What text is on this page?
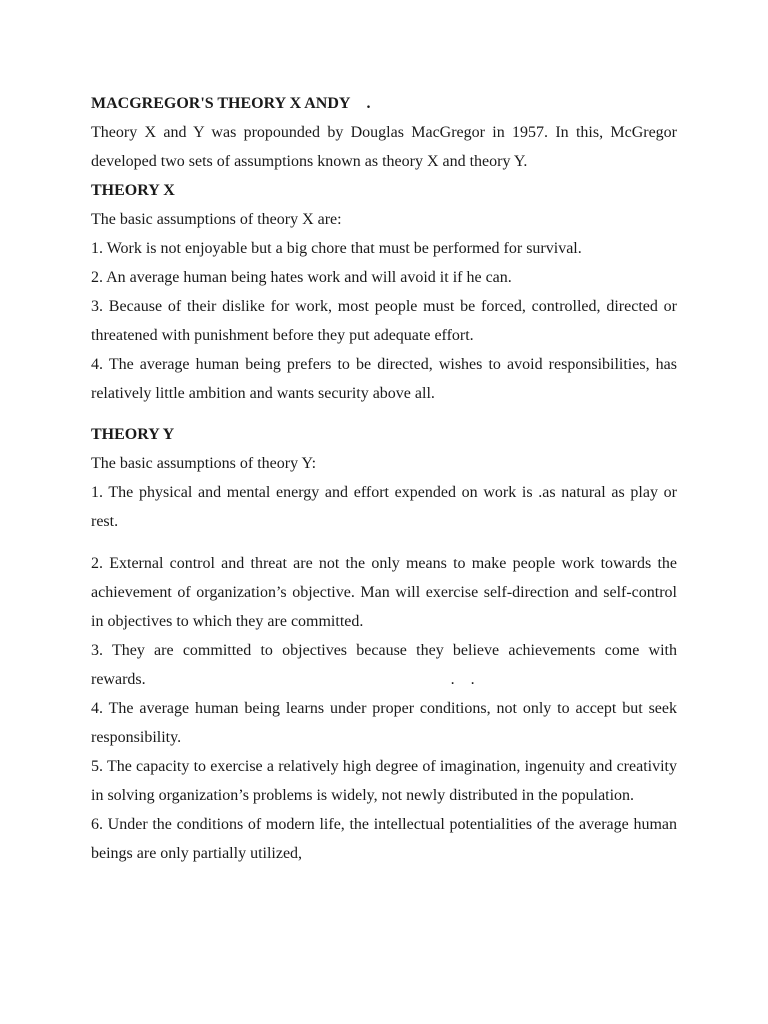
MACGREGOR'S THEORY X ANDY .

Theory X and Y was propounded by Douglas MacGregor in 1957. In this, McGregor developed two sets of assumptions known as theory X and theory Y.

THEORY X

The basic assumptions of theory X are:

1. Work is not enjoyable but a big chore that must be performed for survival.

2. An average human being hates work and will avoid it if he can.

3. Because of their dislike for work, most people must be forced, controlled, directed or threatened with punishment before they put adequate effort.

4. The average human being prefers to be directed, wishes to avoid responsibilities, has relatively little ambition and wants security above all.

THEORY Y

The basic assumptions of theory Y:

1. The physical and mental energy and effort expended on work is .as natural as play or rest.

2. External control and threat are not the only means to make people work towards the achievement of organization’s objective. Man will exercise self-direction and self-control in objectives to which they are committed.

3. They are committed to objectives because they believe achievements come with rewards.	.    .

4. The average human being learns under proper conditions, not only to accept but seek responsibility.

5. The capacity to exercise a relatively high degree of imagination, ingenuity and creativity in solving organization’s problems is widely, not newly distributed in the population.

6. Under the conditions of modern life, the intellectual potentialities of the average human beings are only partially utilized,
